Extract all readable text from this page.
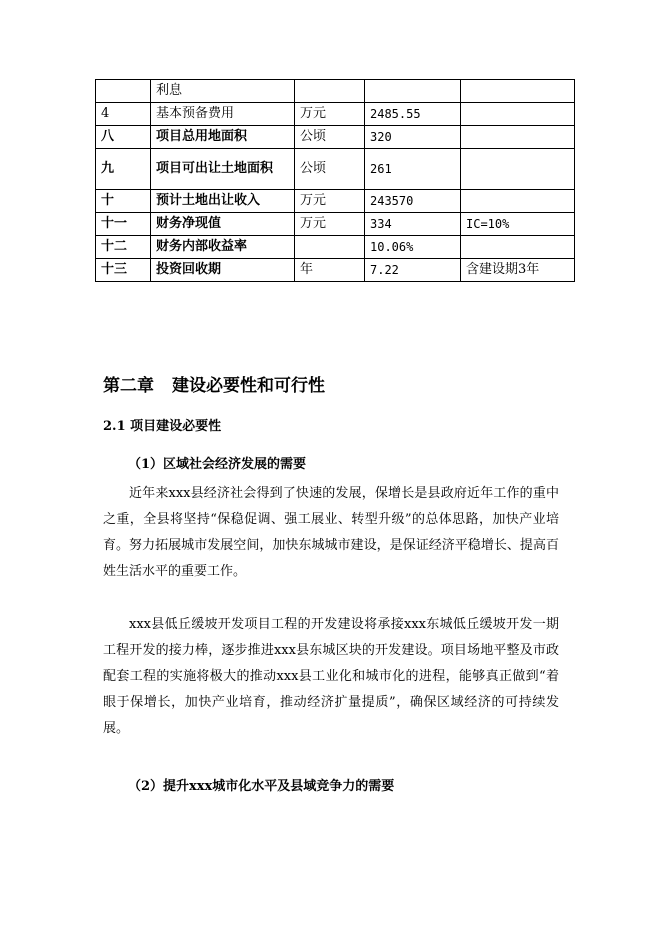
	利息			
4	基本预备费用	万元	2485.55	
八	项目总用地面积	公顷	320	
九	项目可出让土地面积	公顷	261	
十	预计土地出让收入	万元	243570	
十一	财务净现值	万元	334	IC=10%
十二	财务内部收益率		10.06%	
十三	投资回收期	年	7.22	含建设期3年
第二章 建设必要性和可行性
2.1 项目建设必要性
（1）区域社会经济发展的需要

近年来xxx县经济社会得到了快速的发展，保增长是县政府近年工作的重中之重，全县将坚持“保稳促调、强工展业、转型升级”的总体思路，加快产业培育。努力拓展城市发展空间，加快东城城市建设，是保证经济平稳增长、提高百姓生活水平的重要工作。

xxx县低丘缓坡开发项目工程的开发建设将承接xxx东城低丘缓坡开发一期工程开发的接力棒，逐步推进xxx县东城区块的开发建设。项目场地平整及市政配套工程的实施将极大的推动xxx县工业化和城市化的进程，能够真正做到“着眼于保增长，加快产业培育，推动经济扩量提质”，确保区域经济的可持续发展。

（2）提升xxx城市化水平及县域竞争力的需要
